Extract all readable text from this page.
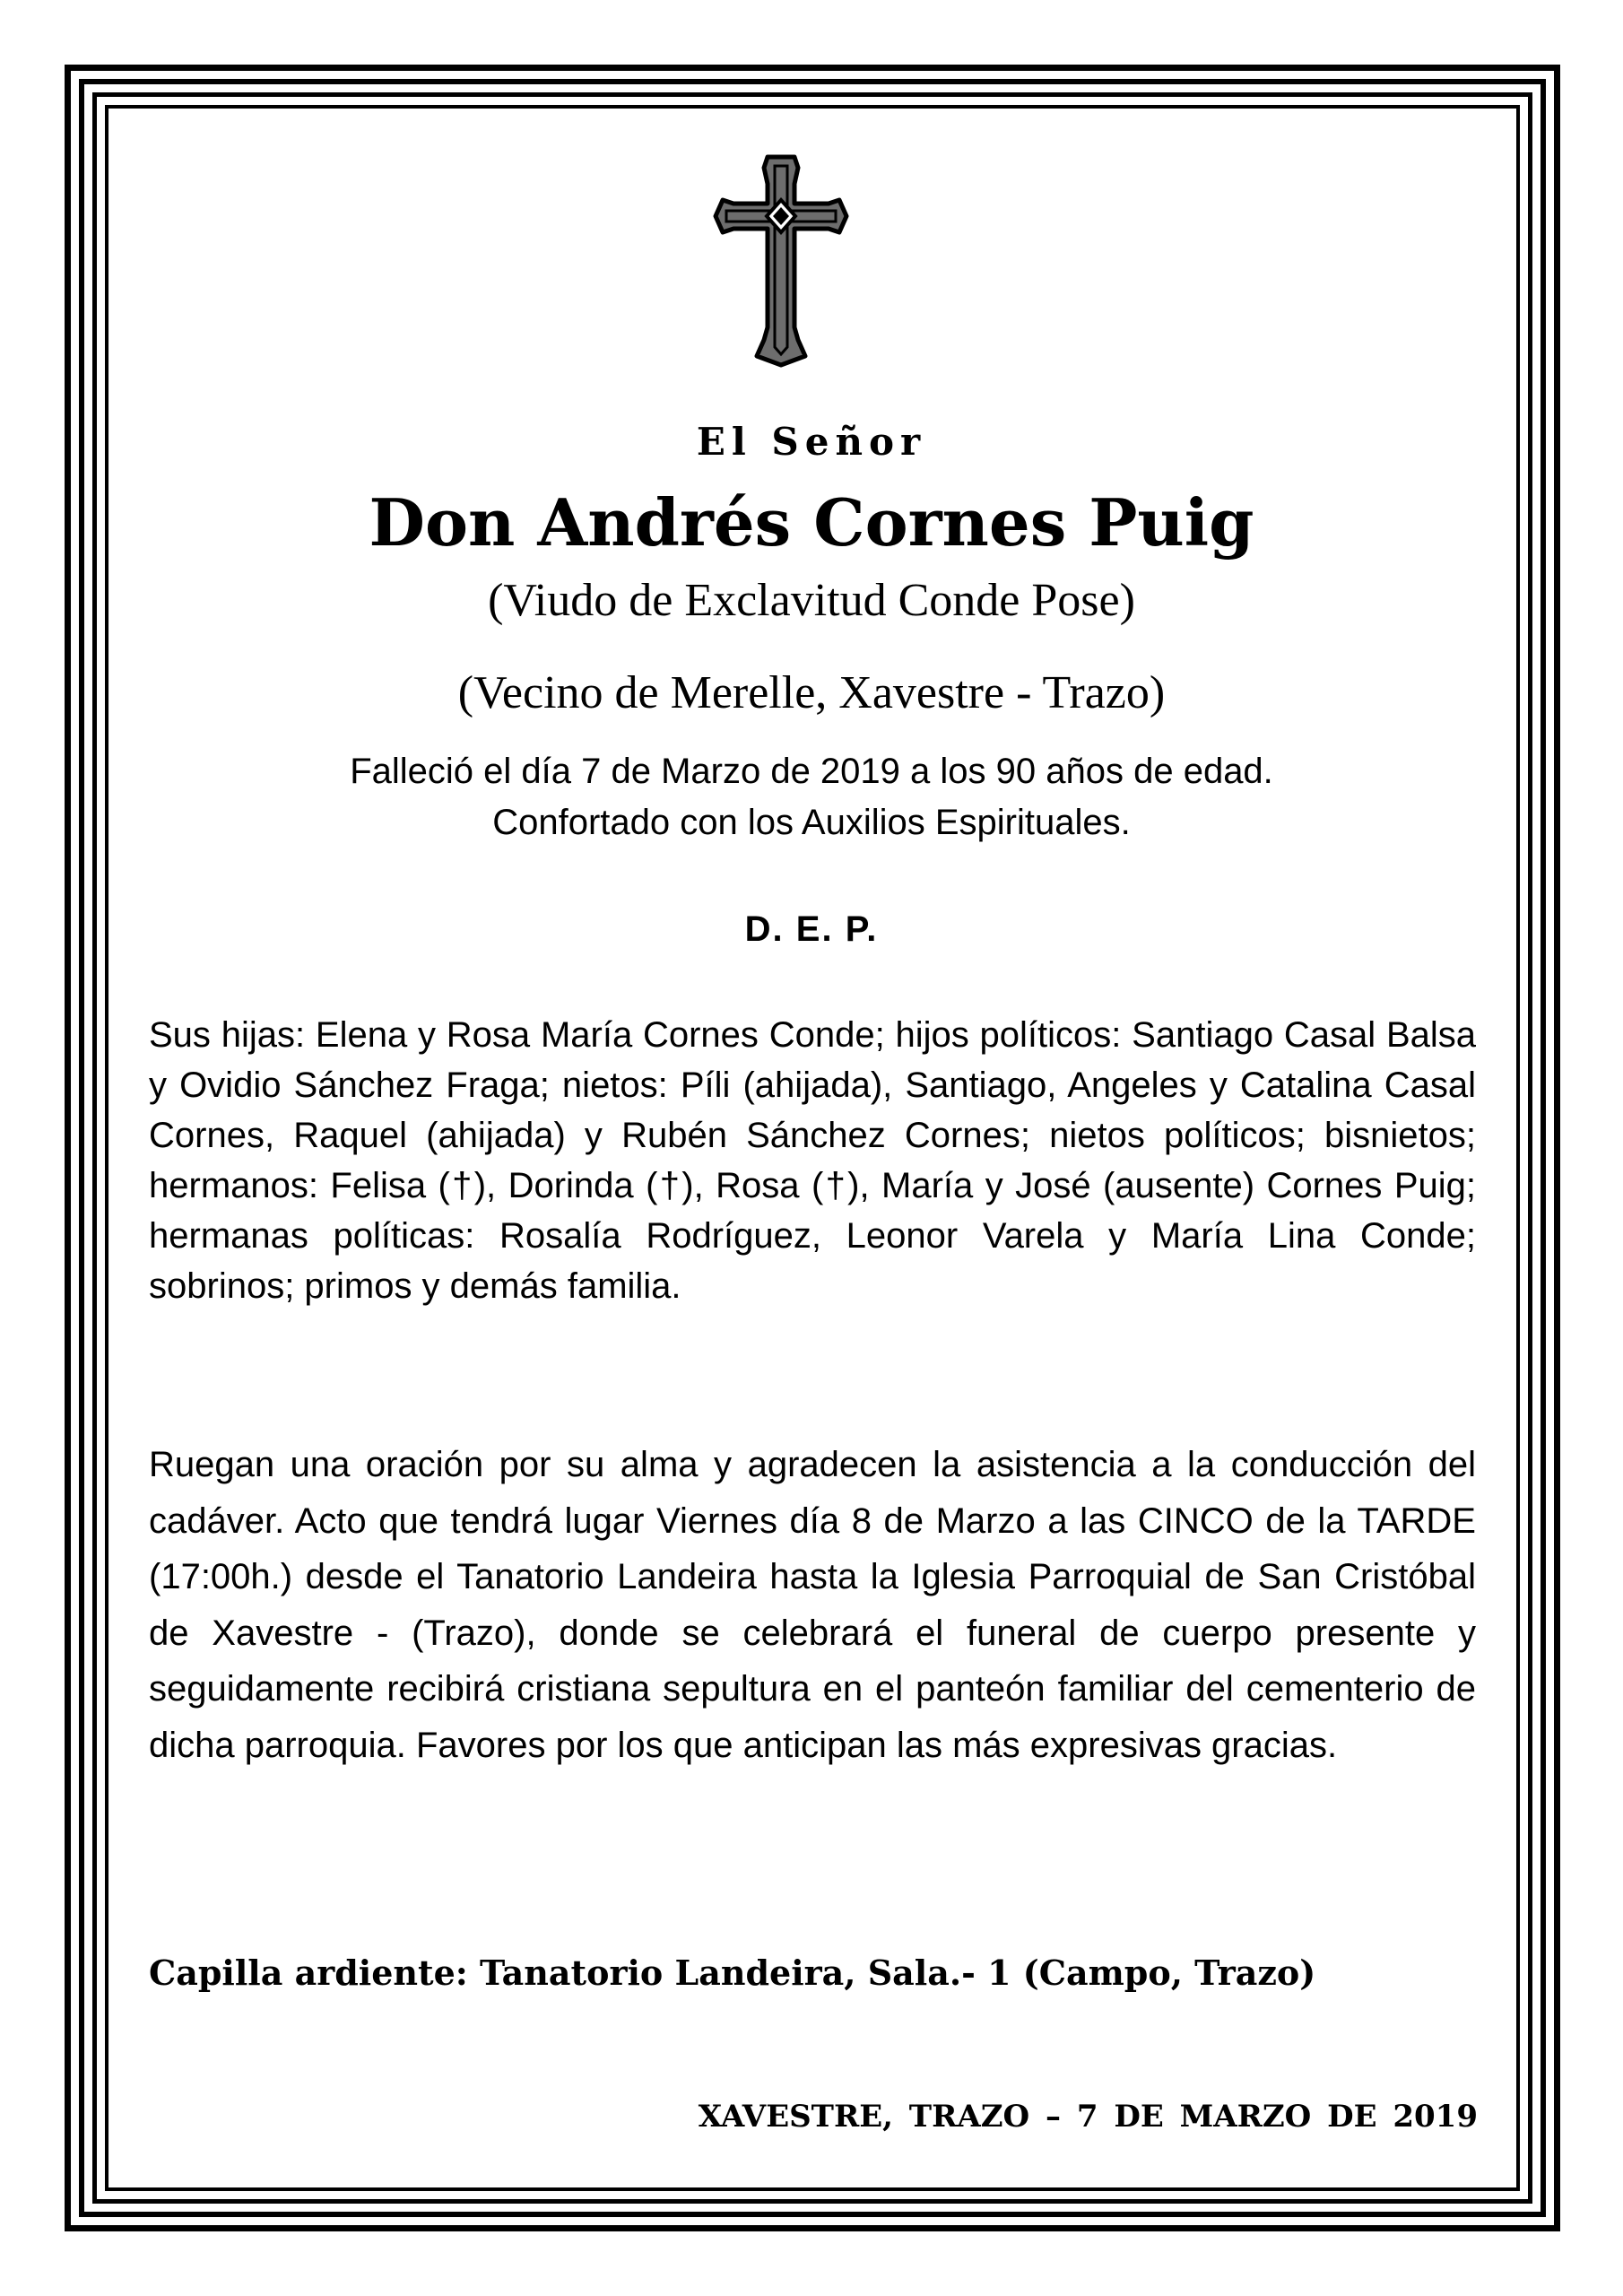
El Señor
Don Andrés Cornes Puig
(Viudo de Exclavitud Conde Pose)
(Vecino de Merelle, Xavestre - Trazo)
Falleció el día 7 de Marzo de 2019 a los 90 años de edad.
Confortado con los Auxilios Espirituales.
D. E. P.
Sus hijas: Elena y Rosa María Cornes Conde; hijos políticos: Santiago Casal Balsa y Ovidio Sánchez Fraga; nietos: Píli (ahijada), Santiago, Angeles y Catalina Casal Cornes, Raquel (ahijada) y Rubén Sánchez Cornes; nietos políticos; bisnietos; hermanos: Felisa (†), Dorinda (†), Rosa (†), María y José (ausente) Cornes Puig; hermanas políticas: Rosalía Rodríguez, Leonor Varela y María Lina Conde; sobrinos; primos y demás familia.
Ruegan una oración por su alma y agradecen la asistencia a la conducción del cadáver. Acto que tendrá lugar Viernes día 8 de Marzo a las CINCO de la TARDE (17:00h.) desde el Tanatorio Landeira hasta la Iglesia Parroquial de San Cristóbal de Xavestre - (Trazo), donde se celebrará el funeral de cuerpo presente y seguidamente recibirá cristiana sepultura en el panteón familiar del cementerio de dicha parroquia. Favores por los que anticipan las más expresivas gracias.
Capilla ardiente: Tanatorio Landeira, Sala.- 1 (Campo, Trazo)
XAVESTRE, TRAZO – 7 DE MARZO DE 2019
